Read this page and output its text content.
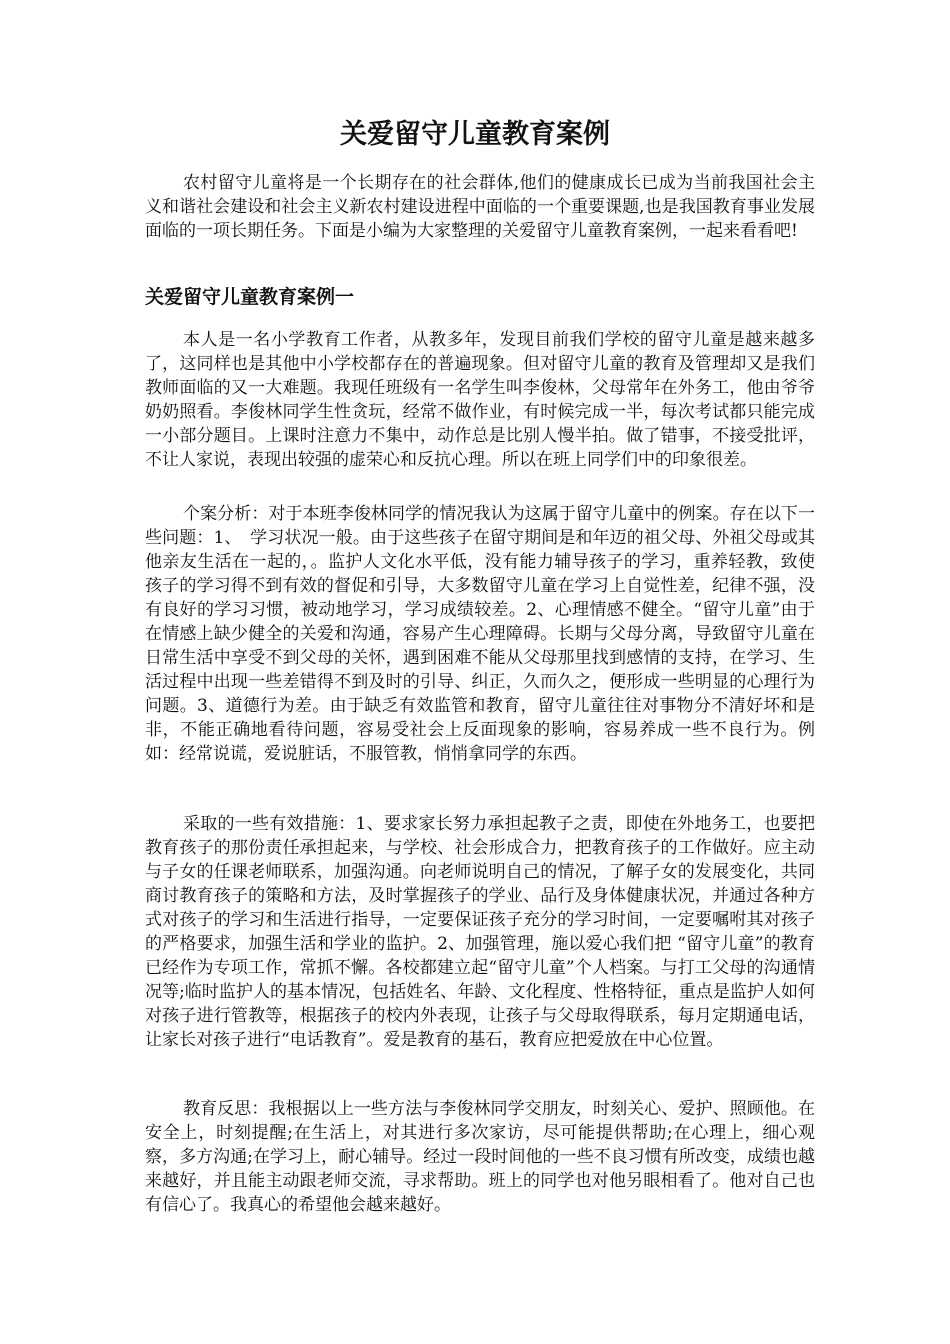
关爱留守儿童教育案例

农村留守儿童将是一个长期存在的社会群体,他们的健康成长已成为当前我国社会主义和谐社会建设和社会主义新农村建设进程中面临的一个重要课题,也是我国教育事业发展面临的一项长期任务。下面是小编为大家整理的关爱留守儿童教育案例，一起来看看吧!

关爱留守儿童教育案例一

本人是一名小学教育工作者，从教多年，发现目前我们学校的留守儿童是越来越多了，这同样也是其他中小学校都存在的普遍现象。但对留守儿童的教育及管理却又是我们教师面临的又一大难题。我现任班级有一名学生叫李俊林，父母常年在外务工，他由爷爷奶奶照看。李俊林同学生性贪玩，经常不做作业，有时候完成一半，每次考试都只能完成一小部分题目。上课时注意力不集中，动作总是比别人慢半拍。做了错事，不接受批评，不让人家说，表现出较强的虚荣心和反抗心理。所以在班上同学们中的印象很差。

个案分析：对于本班李俊林同学的情况我认为这属于留守儿童中的例案。存在以下一些问题：1、　学习状况一般。由于这些孩子在留守期间是和年迈的祖父母、外祖父母或其他亲友生活在一起的，。监护人文化水平低，没有能力辅导孩子的学习，重养轻教，致使孩子的学习得不到有效的督促和引导，大多数留守儿童在学习上自觉性差，纪律不强，没有良好的学习习惯，被动地学习，学习成绩较差。2、心理情感不健全。“留守儿童”由于在情感上缺少健全的关爱和沟通，容易产生心理障碍。长期与父母分离，导致留守儿童在日常生活中享受不到父母的关怀，遇到困难不能从父母那里找到感情的支持，在学习、生活过程中出现一些差错得不到及时的引导、纠正，久而久之，便形成一些明显的心理行为问题。3、道德行为差。由于缺乏有效监管和教育，留守儿童往往对事物分不清好坏和是非，不能正确地看待问题，容易受社会上反面现象的影响，容易养成一些不良行为。例如：经常说谎，爱说脏话，不服管教，悄悄拿同学的东西。

采取的一些有效措施：1、要求家长努力承担起教子之责，即使在外地务工，也要把教育孩子的那份责任承担起来，与学校、社会形成合力，把教育孩子的工作做好。应主动与子女的任课老师联系，加强沟通。向老师说明自己的情况，了解子女的发展变化，共同商讨教育孩子的策略和方法，及时掌握孩子的学业、品行及身体健康状况，并通过各种方式对孩子的学习和生活进行指导，一定要保证孩子充分的学习时间，一定要嘱咐其对孩子的严格要求，加强生活和学业的监护。2、加强管理，施以爱心我们把 “留守儿童”的教育已经作为专项工作，常抓不懈。各校都建立起“留守儿童”个人档案。与打工父母的沟通情况等;临时监护人的基本情况，包括姓名、年龄、文化程度、性格特征，重点是监护人如何对孩子进行管教等，根据孩子的校内外表现，让孩子与父母取得联系，每月定期通电话，让家长对孩子进行“电话教育”。爱是教育的基石，教育应把爱放在中心位置。

教育反思：我根据以上一些方法与李俊林同学交朋友，时刻关心、爱护、照顾他。在安全上，时刻提醒;在生活上，对其进行多次家访，尽可能提供帮助;在心理上，细心观察，多方沟通;在学习上，耐心辅导。经过一段时间他的一些不良习惯有所改变，成绩也越来越好，并且能主动跟老师交流，寻求帮助。班上的同学也对他另眼相看了。他对自己也有信心了。我真心的希望他会越来越好。
